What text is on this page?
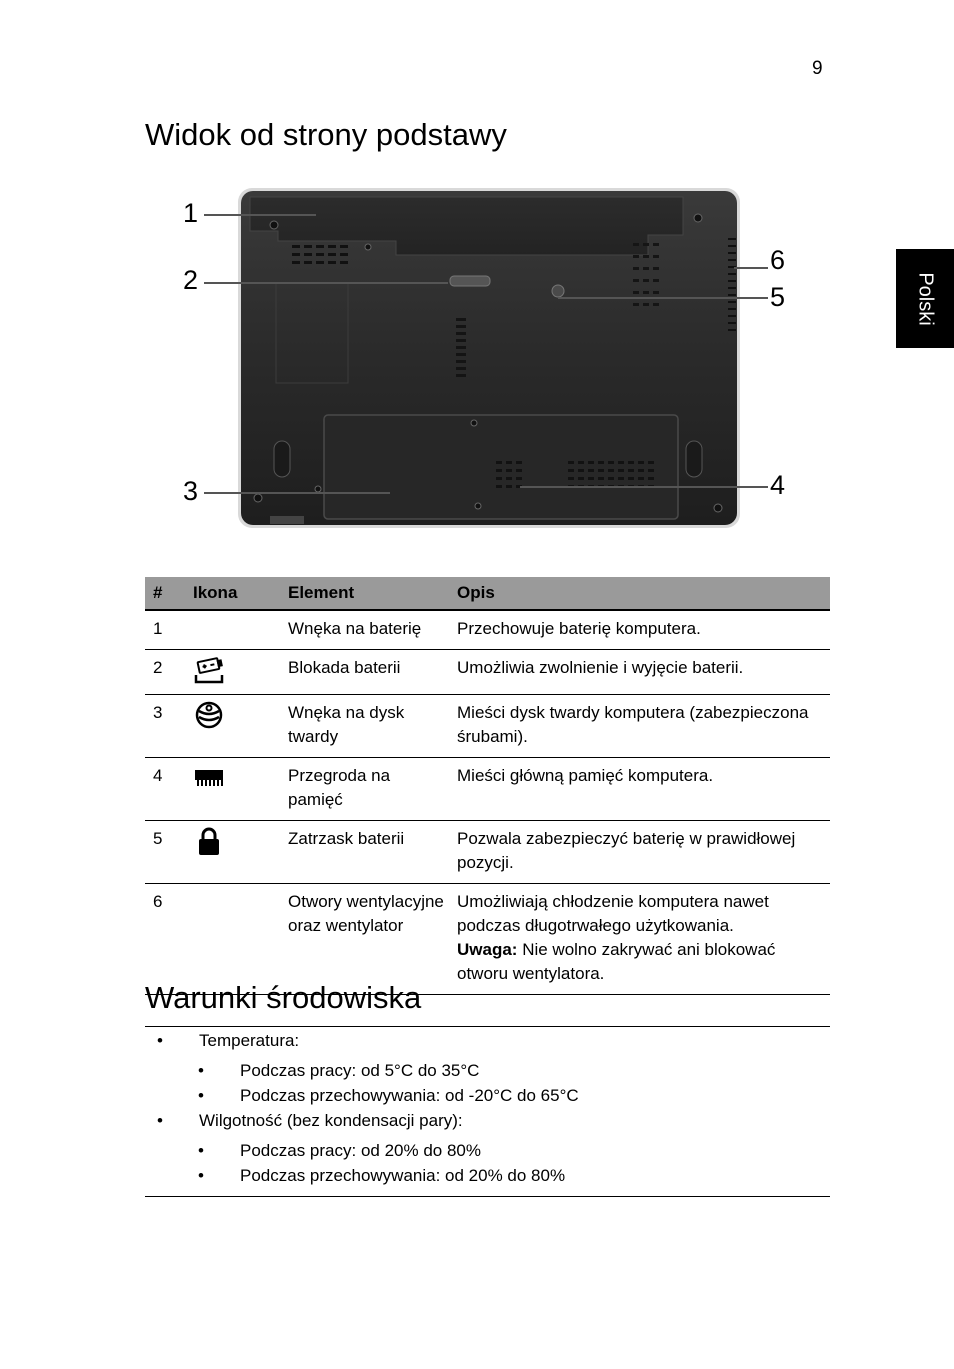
9
Polski
Widok od strony podstawy
1
2
3	4
5
6
#	Ikona	Element	Opis
1		Wnęka na baterię	Przechowuje baterię komputera.
2		Blokada baterii	Umożliwia zwolnienie i wyjęcie baterii.
3		Wnęka na dysk twardy	Mieści dysk twardy komputera (zabezpieczona śrubami).
4		Przegroda na pamięć	Mieści główną pamięć komputera.
5		Zatrzask baterii	Pozwala zabezpieczyć baterię w prawidłowej pozycji.
6		Otwory wentylacyjne oraz wentylator	Umożliwiają chłodzenie komputera nawet podczas długotrwałego użytkowania.
Uwaga: Nie wolno zakrywać ani blokować otworu wentylatora.
Warunki środowiska
• Temperatura:
• Podczas pracy: od 5°C do 35°C
• Podczas przechowywania: od -20°C do 65°C
• Wilgotność (bez kondensacji pary):
• Podczas pracy: od 20% do 80%
• Podczas przechowywania: od 20% do 80%
